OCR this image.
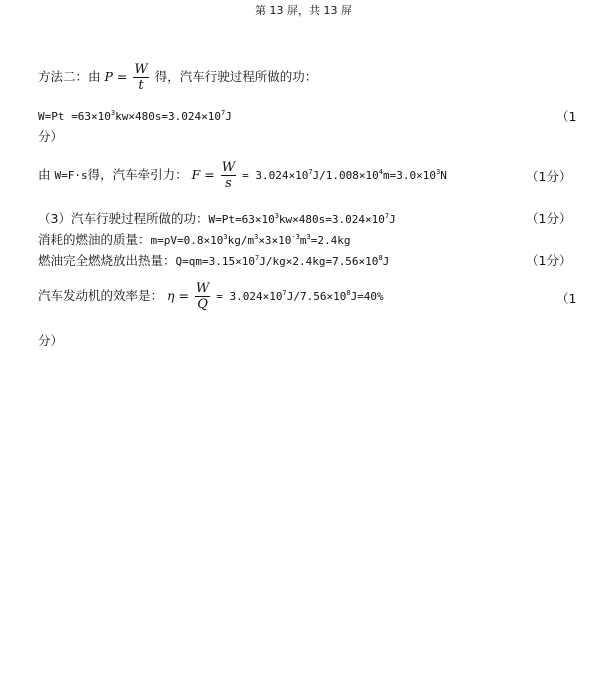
第 13 屏，共 13 屏
方法二：由 $P = \frac{W}{t}$ 得，汽车行驶过程所做的功：
$W=Pt =63\times 10^3kw\times 480s=3.024\times 10^7J$	（1
分）
由 W=F·s得，汽车牵引力： $F = \frac{W}{s} = 3.024\times 10^7J/1.008\times 10^4m=3.0\times 10^3N$	（1分）
（3）汽车行驶过程所做的功：$W=Pt=63\times 10^3kw\times 480s=3.024\times 10^7J$	（1分）
消耗的燃油的质量：$m=\rho V=0.8\times 10^3kg/m^3\times 3\times 10^{-3}m^3=2.4kg$
燃油完全燃烧放出热量：$Q=qm=3.15\times 10^7J/kg\times 2.4kg=7.56\times 10^8J$	（1分）
汽车发动机的效率是： $\eta = \frac{W}{Q} = 3.024\times 10^7J/7.56\times 10^8J=40\%$	（1
分）
